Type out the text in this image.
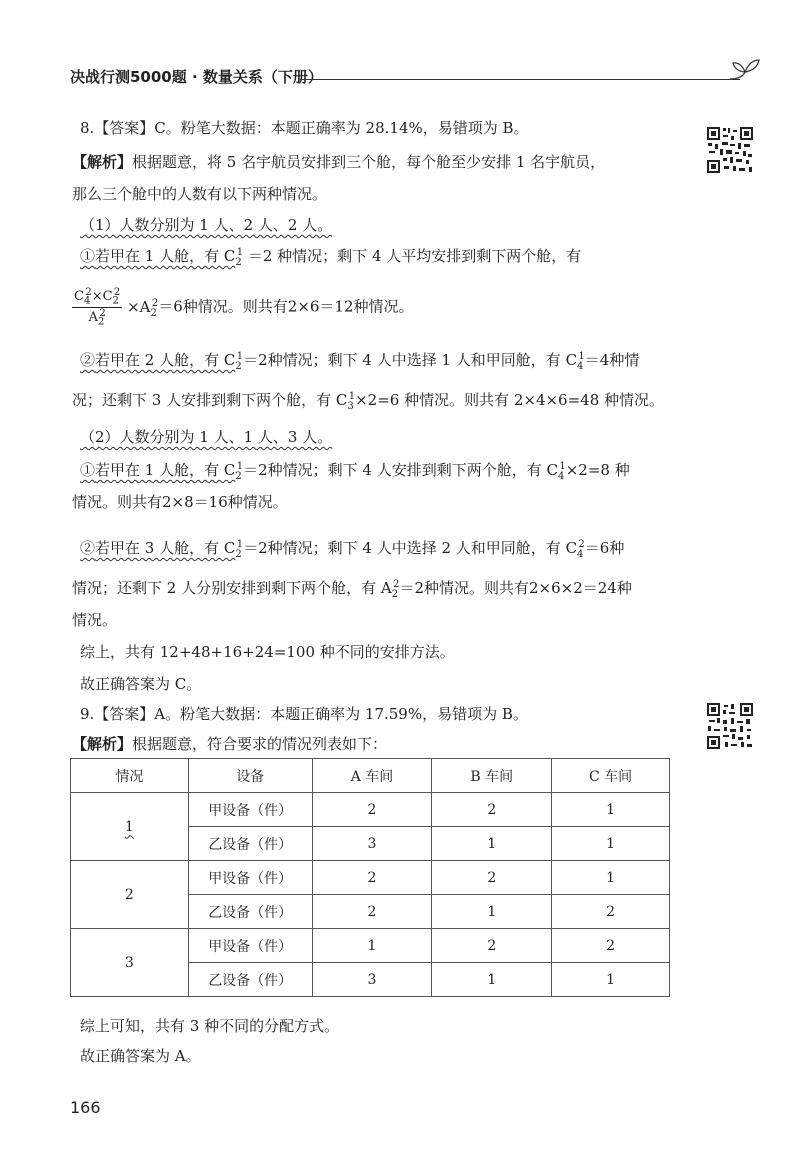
决战行测5000题 · 数量关系（下册）
8.【答案】C。粉笔大数据：本题正确率为 28.14%，易错项为 B。
【解析】根据题意，将 5 名宇航员安排到三个舱，每个舱至少安排 1 名宇航员，
那么三个舱中的人数有以下两种情况。
（1）人数分别为 1 人、2 人、2 人。
①若甲在 1 人舱，有 $C_2^1 =2$ 种情况；剩下 4 人平均安排到剩下两个舱，有
$\frac{C_4^2\times C_2^2}{A_2^2} \times A_2^2=6$种情况。则共有2×6＝12种情况。
②若甲在 2 人舱，有 $C_2^1=2$种情况；剩下 4 人中选择 1 人和甲同舱，有 $C_4^1=4$种情
况；还剩下 3 人安排到剩下两个舱，有 $C_3^1\times 2=6$ 种情况。则共有 2×4×6=48 种情况。
（2）人数分别为 1 人、1 人、3 人。
①若甲在 1 人舱，有 $C_2^1=2$种情况；剩下 4 人安排到剩下两个舱，有 $C_4^1\times 2=8$ 种
情况。则共有2×8＝16种情况。
②若甲在 3 人舱，有 $C_2^1=2$种情况；剩下 4 人中选择 2 人和甲同舱，有 $C_4^2=6$种
情况；还剩下 2 人分别安排到剩下两个舱，有 $A_2^2=2$种情况。则共有2×6×2＝24种
情况。
综上，共有 12+48+16+24=100 种不同的安排方法。
故正确答案为 C。
9.【答案】A。粉笔大数据：本题正确率为 17.59%，易错项为 B。
【解析】根据题意，符合要求的情况列表如下：
情况	设备	A 车间	B 车间	C 车间
1	甲设备（件）	2	2	1
	乙设备（件）	3	1	1
2	甲设备（件）	2	2	1
	乙设备（件）	2	1	2
3	甲设备（件）	1	2	2
	乙设备（件）	3	1	1
综上可知，共有 3 种不同的分配方式。
故正确答案为 A。
166
